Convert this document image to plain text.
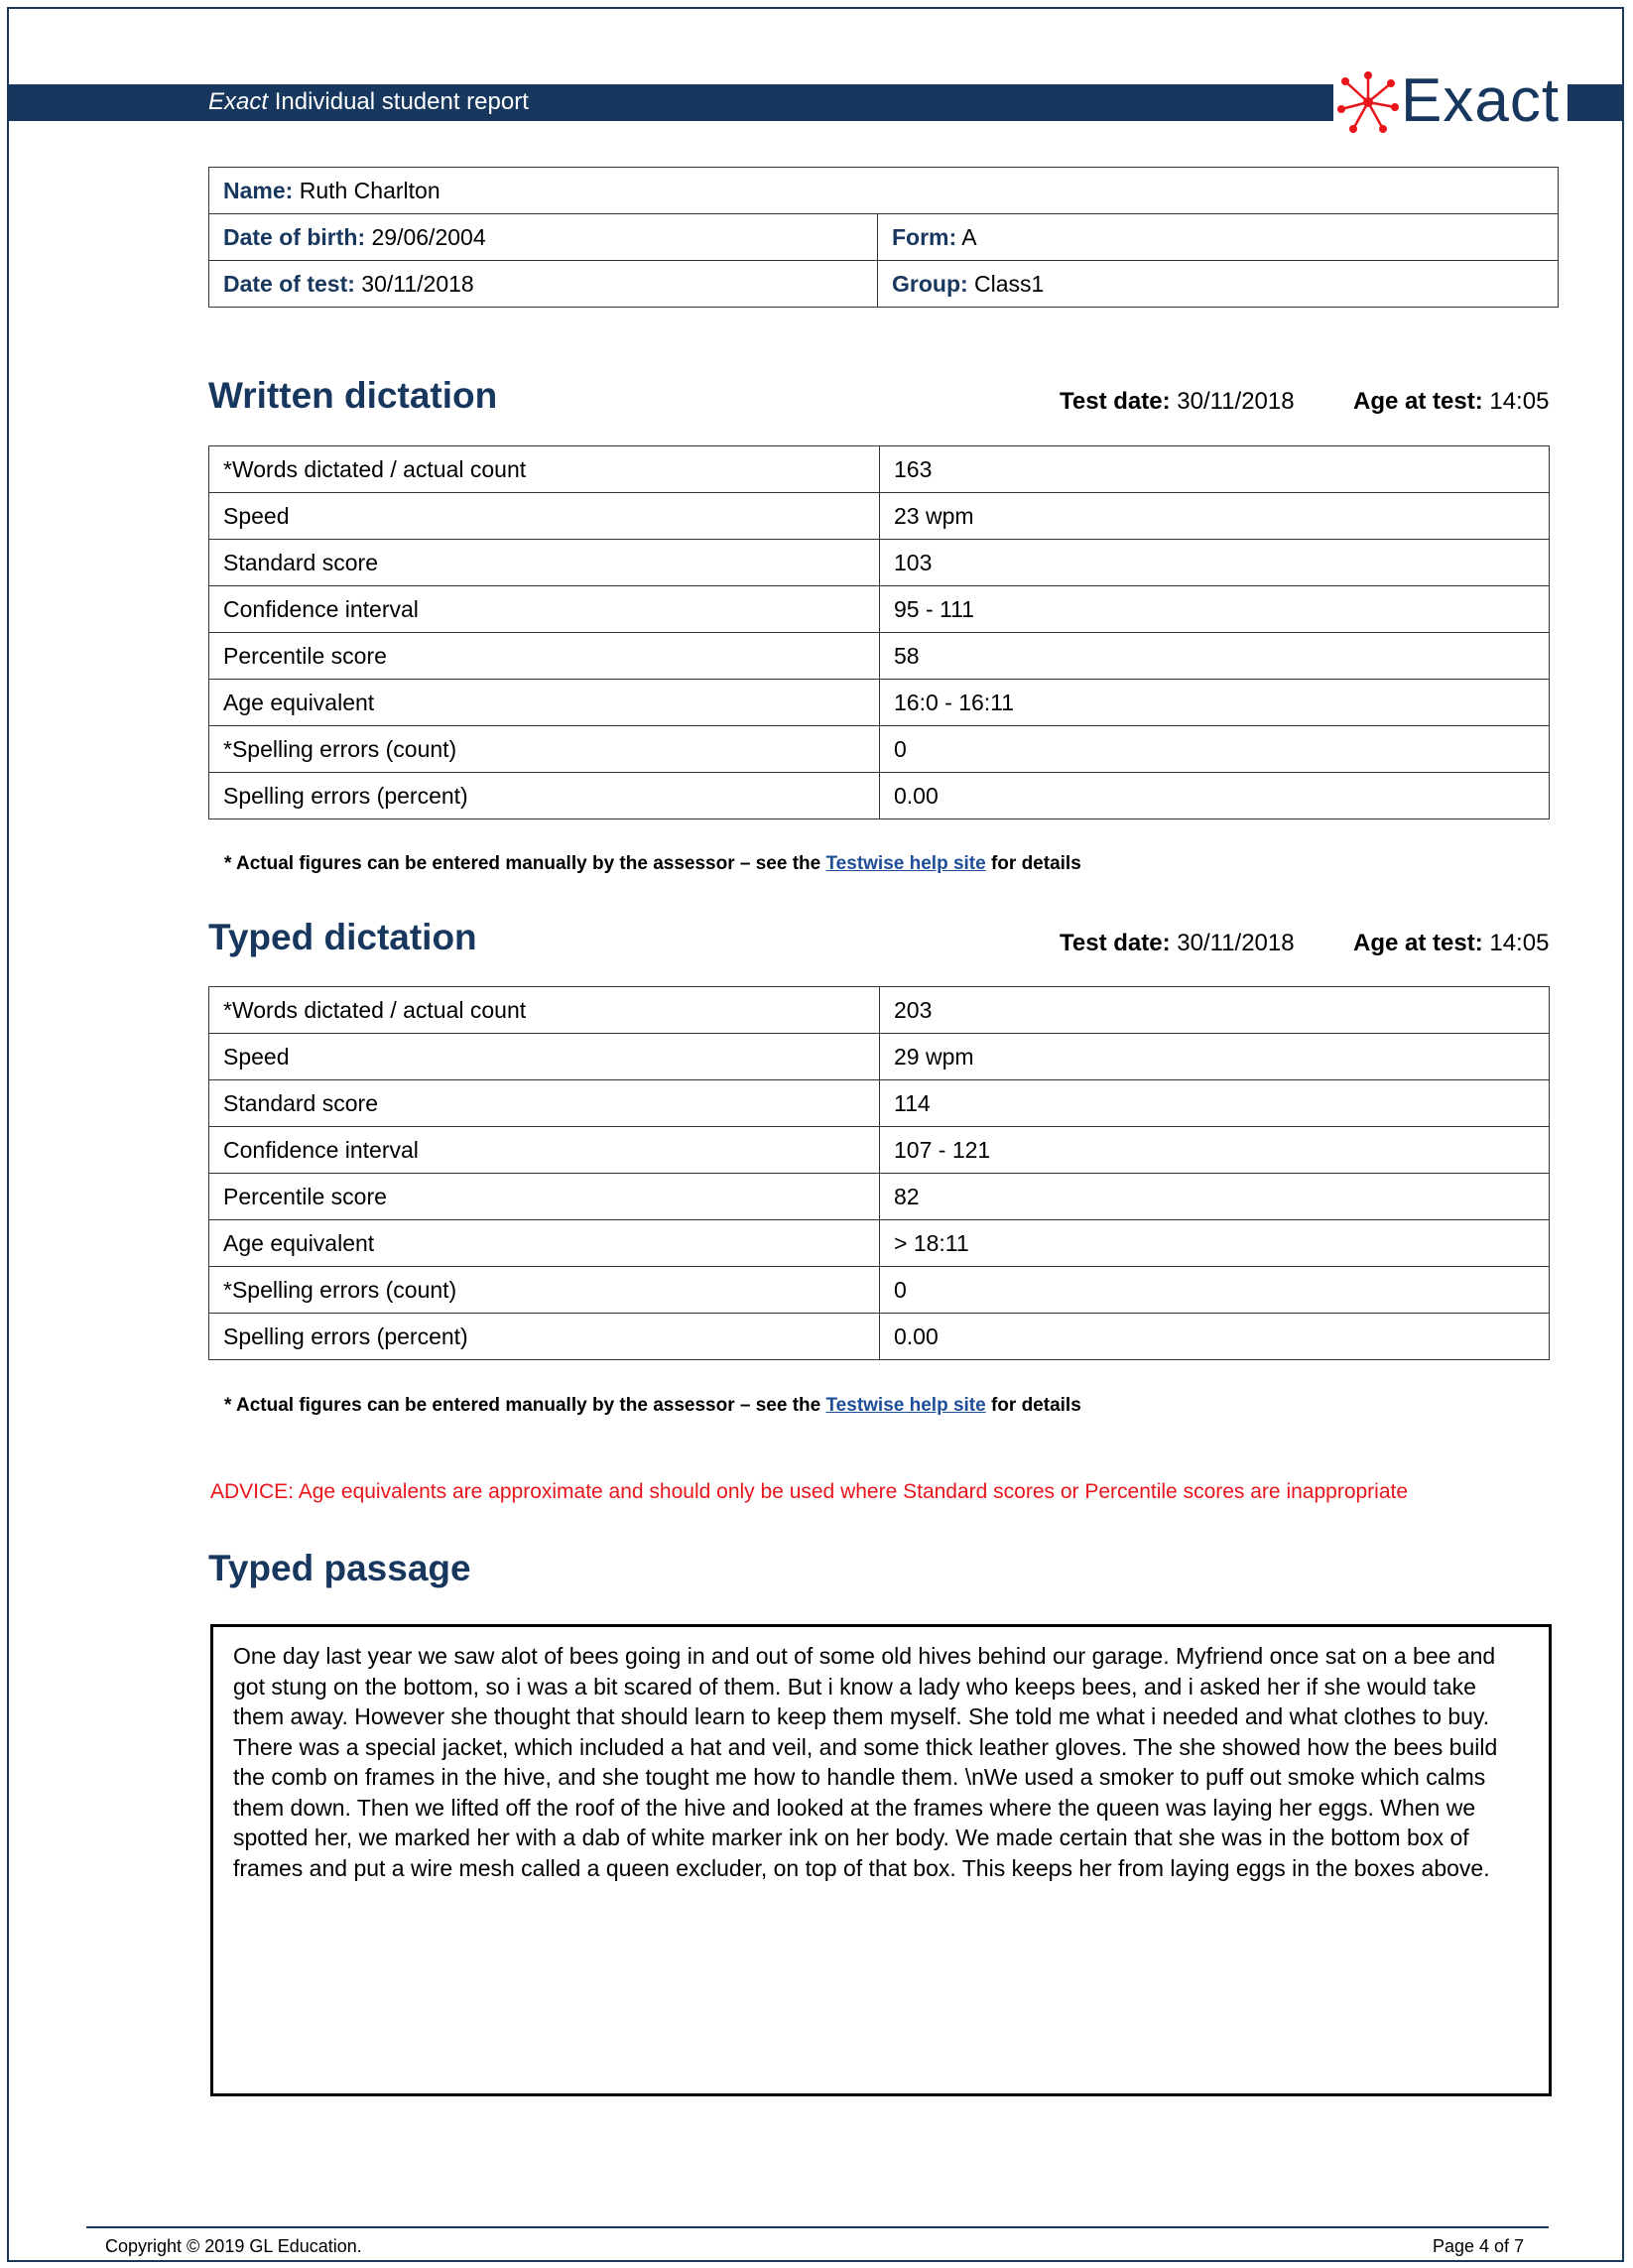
Exact Individual student report	Exact
Name: Ruth Charlton	
Date of birth: 29/06/2004	Form: A
Date of test: 30/11/2018	Group: Class1
Written dictation	Test date: 30/11/2018 Age at test: 14:05
*Words dictated / actual count	163
Speed	23 wpm
Standard score	103
Confidence interval	95 - 111
Percentile score	58
Age equivalent	16:0 - 16:11
*Spelling errors (count)	0
Spelling errors (percent)	0.00
* Actual figures can be entered manually by the assessor – see the Testwise help site for details
Typed dictation	Test date: 30/11/2018 Age at test: 14:05
*Words dictated / actual count	203
Speed	29 wpm
Standard score	114
Confidence interval	107 - 121
Percentile score	82
Age equivalent	> 18:11
*Spelling errors (count)	0
Spelling errors (percent)	0.00
* Actual figures can be entered manually by the assessor – see the Testwise help site for details
ADVICE: Age equivalents are approximate and should only be used where Standard scores or Percentile scores are inappropriate
Typed passage
One day last year we saw alot of bees going in and out of some old hives behind our garage. Myfriend once sat on a bee and got stung on the bottom, so i was a bit scared of them. But i know a lady who keeps bees, and i asked her if she would take them away. However she thought that should learn to keep them myself. She told me what i needed and what clothes to buy. There was a special jacket, which included a hat and veil, and some thick leather gloves. The she showed how the bees build the comb on frames in the hive, and she tought me how to handle them. \nWe used a smoker to puff out smoke which calms them down. Then we lifted off the roof of the hive and looked at the frames where the queen was laying her eggs. When we spotted her, we marked her with a dab of white marker ink on her body. We made certain that she was in the bottom box of frames and put a wire mesh called a queen excluder, on top of that box. This keeps her from laying eggs in the boxes above.
Copyright © 2019 GL Education.	Page 4 of 7
